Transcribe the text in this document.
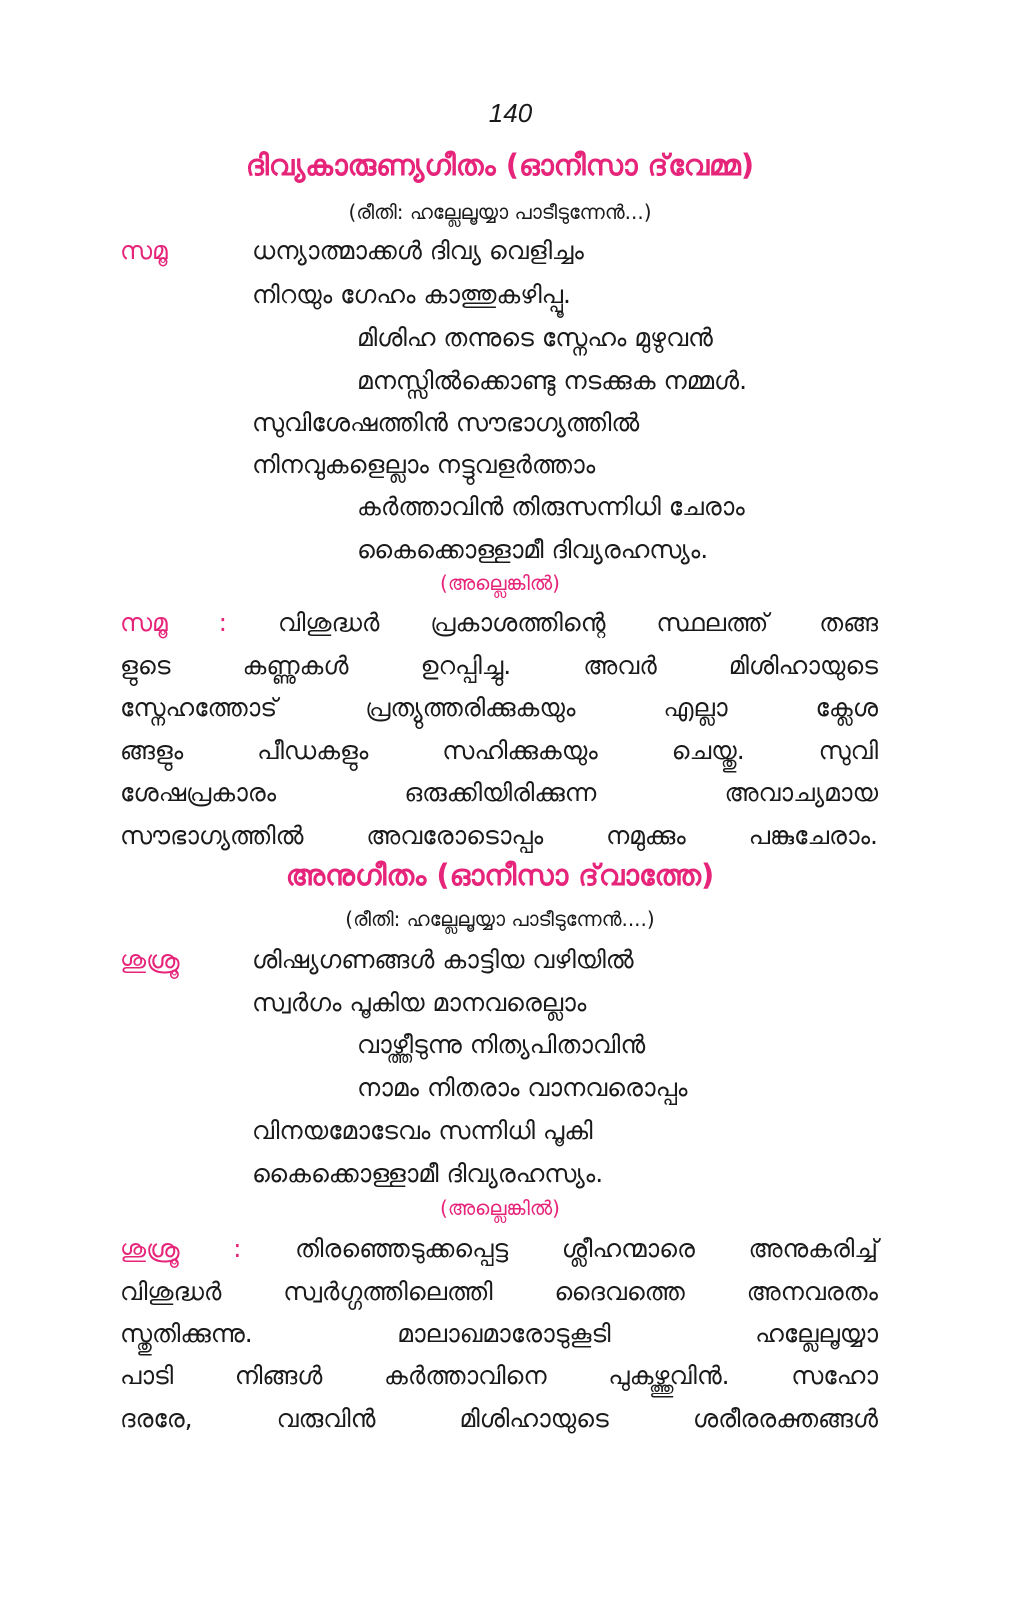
140
ദിവ്യകാരുണ്യഗീതം (ഓനീസാ ദ്‌വേമ്മ)
(രീതി: ഹല്ലേലൂയ്യാ പാടീടുന്നേൻ...)
സമൂ	ധന്യാത്മാക്കൾ ദിവ്യ വെളിച്ചം
നിറയും ഗേഹം കാത്തുകഴിപ്പൂ.
മിശിഹ തന്നുടെ സ്നേഹം മുഴുവൻ
മനസ്സിൽക്കൊണ്ടു നടക്കുക നമ്മൾ.
സുവിശേഷത്തിൻ സൗഭാഗ്യത്തിൽ
നിനവുകളെല്ലാം നട്ടുവളർത്താം
കർത്താവിൻ തിരുസന്നിധി ചേരാം
കൈക്കൊള്ളാമീ ദിവ്യരഹസ്യം.
(അല്ലെങ്കിൽ)
സമൂ : വിശുദ്ധർ പ്രകാശത്തിന്റെ സ്ഥലത്ത് തങ്ങ
ളുടെ കണ്ണുകൾ ഉറപ്പിച്ചു. അവർ മിശിഹായുടെ
സ്നേഹത്തോട് പ്രത്യുത്തരിക്കുകയും എല്ലാ ക്ലേശ
ങ്ങളും പീഡകളും സഹിക്കുകയും ചെയ്തു. സുവി
ശേഷപ്രകാരം ഒരുക്കിയിരിക്കുന്ന അവാച്യമായ
സൗഭാഗ്യത്തിൽ അവരോടൊപ്പം നമുക്കും പങ്കുചേരാം.
അനുഗീതം (ഓനീസാ ദ്‌വാത്തേ)
(രീതി: ഹല്ലേലൂയ്യാ പാടീടുന്നേൻ....)
ശുശ്രൂ	ശിഷ്യഗണങ്ങൾ കാട്ടിയ വഴിയിൽ
സ്വർഗം പൂകിയ മാനവരെല്ലാം
വാഴ്ത്തീടുന്നു നിത്യപിതാവിൻ
നാമം നിതരാം വാനവരൊപ്പം
വിനയമോടേവം സന്നിധി പൂകി
കൈക്കൊള്ളാമീ ദിവ്യരഹസ്യം.
(അല്ലെങ്കിൽ)
ശുശ്രൂ : തിരഞ്ഞെടുക്കപ്പെട്ട ശ്ലീഹന്മാരെ അനുകരിച്ച്
വിശുദ്ധർ സ്വർഗ്ഗത്തിലെത്തി ദൈവത്തെ അനവരതം
സ്തുതിക്കുന്നു. മാലാഖമാരോടുകൂടി ഹല്ലേലൂയ്യാ
പാടി നിങ്ങൾ കർത്താവിനെ പുകഴ്ത്തുവിൻ. സഹോ
ദരരേ, വരുവിൻ മിശിഹായുടെ ശരീരരക്തങ്ങൾ
